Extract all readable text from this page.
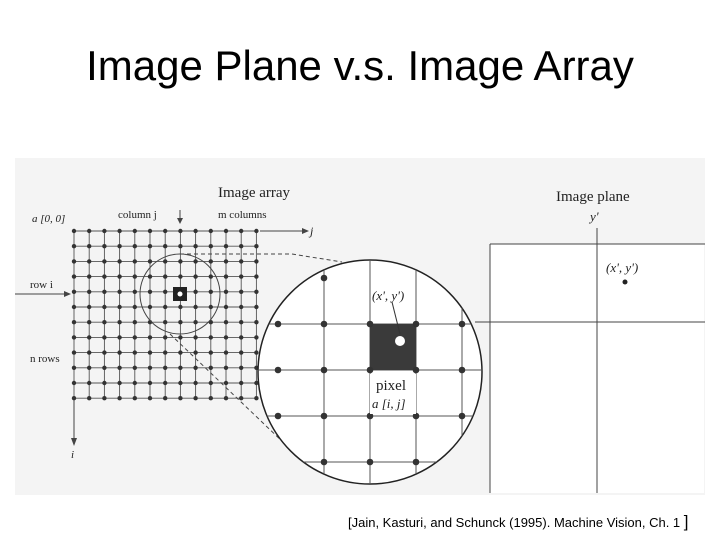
Image Plane v.s. Image Array
Image array
a [0, 0]	column j	m columns
j
row i
n rows
i
(x', y')
pixel
a [i, j]
Image plane
y'
(x', y')
[Jain, Kasturi, and Schunck (1995). Machine Vision, Ch. 1 ]
